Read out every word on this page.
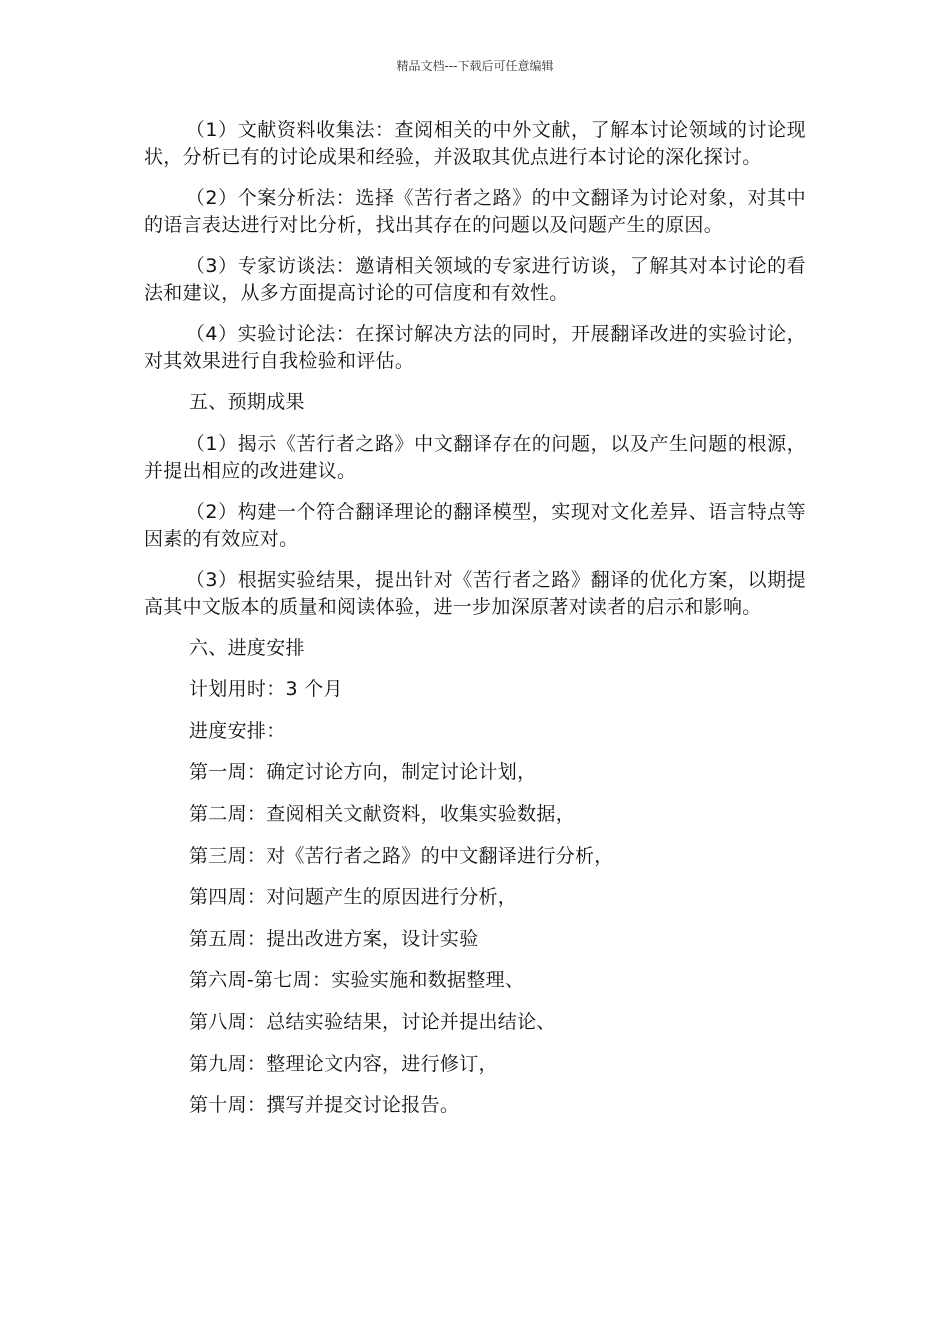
精品文档---下载后可任意编辑

（1）文献资料收集法：查阅相关的中外文献，了解本讨论领域的讨论现状，分析已有的讨论成果和经验，并汲取其优点进行本讨论的深化探讨。

（2）个案分析法：选择《苦行者之路》的中文翻译为讨论对象，对其中的语言表达进行对比分析，找出其存在的问题以及问题产生的原因。

（3）专家访谈法：邀请相关领域的专家进行访谈，了解其对本讨论的看法和建议，从多方面提高讨论的可信度和有效性。

（4）实验讨论法：在探讨解决方法的同时，开展翻译改进的实验讨论，对其效果进行自我检验和评估。

五、预期成果

（1）揭示《苦行者之路》中文翻译存在的问题，以及产生问题的根源，并提出相应的改进建议。

（2）构建一个符合翻译理论的翻译模型，实现对文化差异、语言特点等因素的有效应对。

（3）根据实验结果，提出针对《苦行者之路》翻译的优化方案，以期提高其中文版本的质量和阅读体验，进一步加深原著对读者的启示和影响。

六、进度安排

计划用时：3 个月

进度安排：

第一周：确定讨论方向，制定讨论计划，

第二周：查阅相关文献资料，收集实验数据，

第三周：对《苦行者之路》的中文翻译进行分析，

第四周：对问题产生的原因进行分析，

第五周：提出改进方案，设计实验

第六周-第七周：实验实施和数据整理、

第八周：总结实验结果，讨论并提出结论、

第九周：整理论文内容，进行修订，

第十周：撰写并提交讨论报告。
